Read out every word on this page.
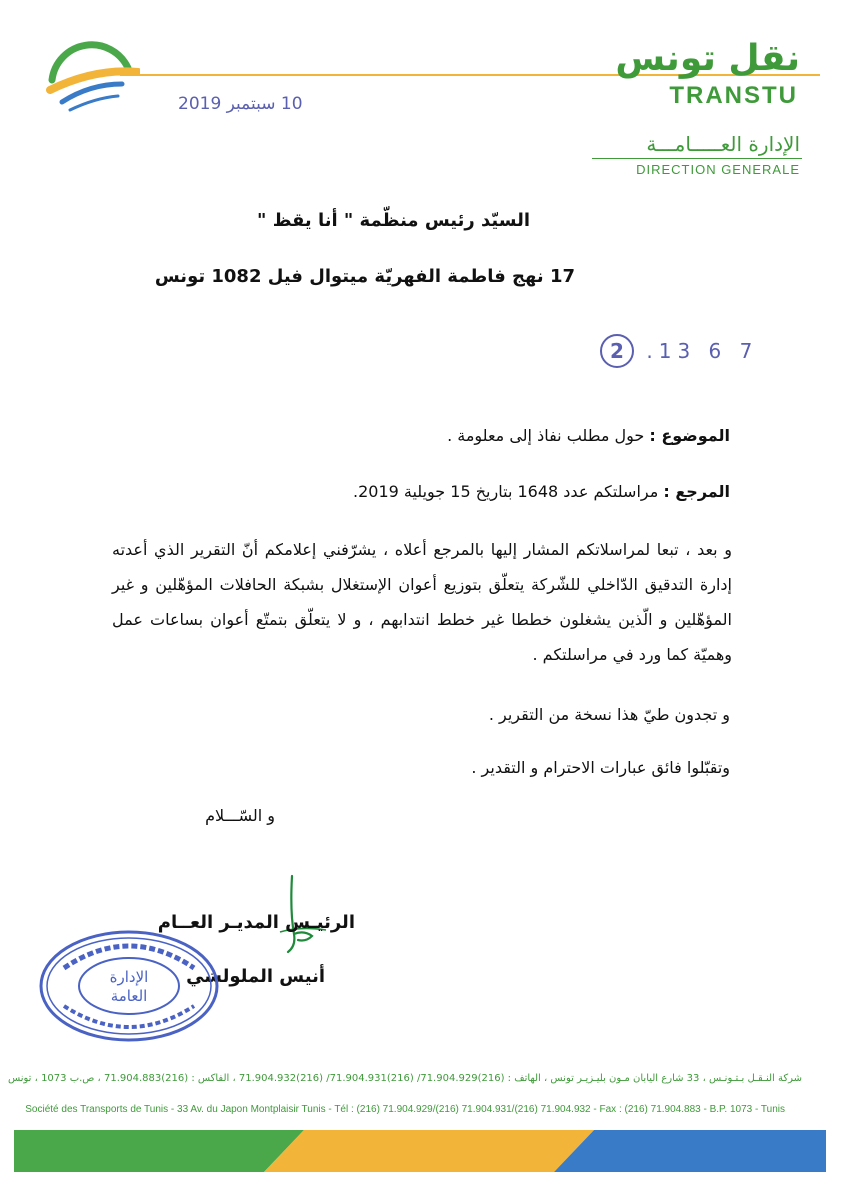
نقل تونس
TRANSTU
الإدارة العـــــامـــة
DIRECTION GENERALE
10 سبتمبر 2019
السيّد رئيس منظّمة " أنا يقظ "
17 نهج فاطمة الفهريّة ميتوال فيل 1082 تونس
2 .13 6 7
الموضوع : حول مطلب نفاذ إلى معلومة .
المرجع : مراسلتكم عدد 1648 بتاريخ 15 جويلية 2019.
و بعد ، تبعا لمراسلاتكم المشار إليها بالمرجع أعلاه ، يشرّفني إعلامكم أنّ التقرير الذي أعدته إدارة التدقيق الدّاخلي للشّركة يتعلّق بتوزيع أعوان الإستغلال بشبكة الحافلات المؤهّلين و غير المؤهّلين و الّذين يشغلون خططا غير خطط انتدابهم ، و لا يتعلّق بتمتّع أعوان بساعات عمل وهميّة كما ورد في مراسلتكم .
و تجدون طيّ هذا نسخة من التقرير .
وتقبّلوا فائق عبارات الاحترام و التقدير .
و السّـــلام
الرئيـس المديـر العــام
أنيس الملولشي
الإدارة
العامة
شركة النـقـل بـتـونـس ، 33 شارع اليابان مـون بليـزيـر تونس ، الهاتف : (216)71.904.929/ (216)71.904.931/ (216)71.904.932 ، الفاكس : (216)71.904.883 ، ص.ب 1073 ، تونس
Société des Transports de Tunis - 33 Av. du Japon Montplaisir Tunis - Tél : (216) 71.904.929/(216) 71.904.931/(216) 71.904.932 - Fax : (216) 71.904.883 - B.P. 1073 - Tunis
